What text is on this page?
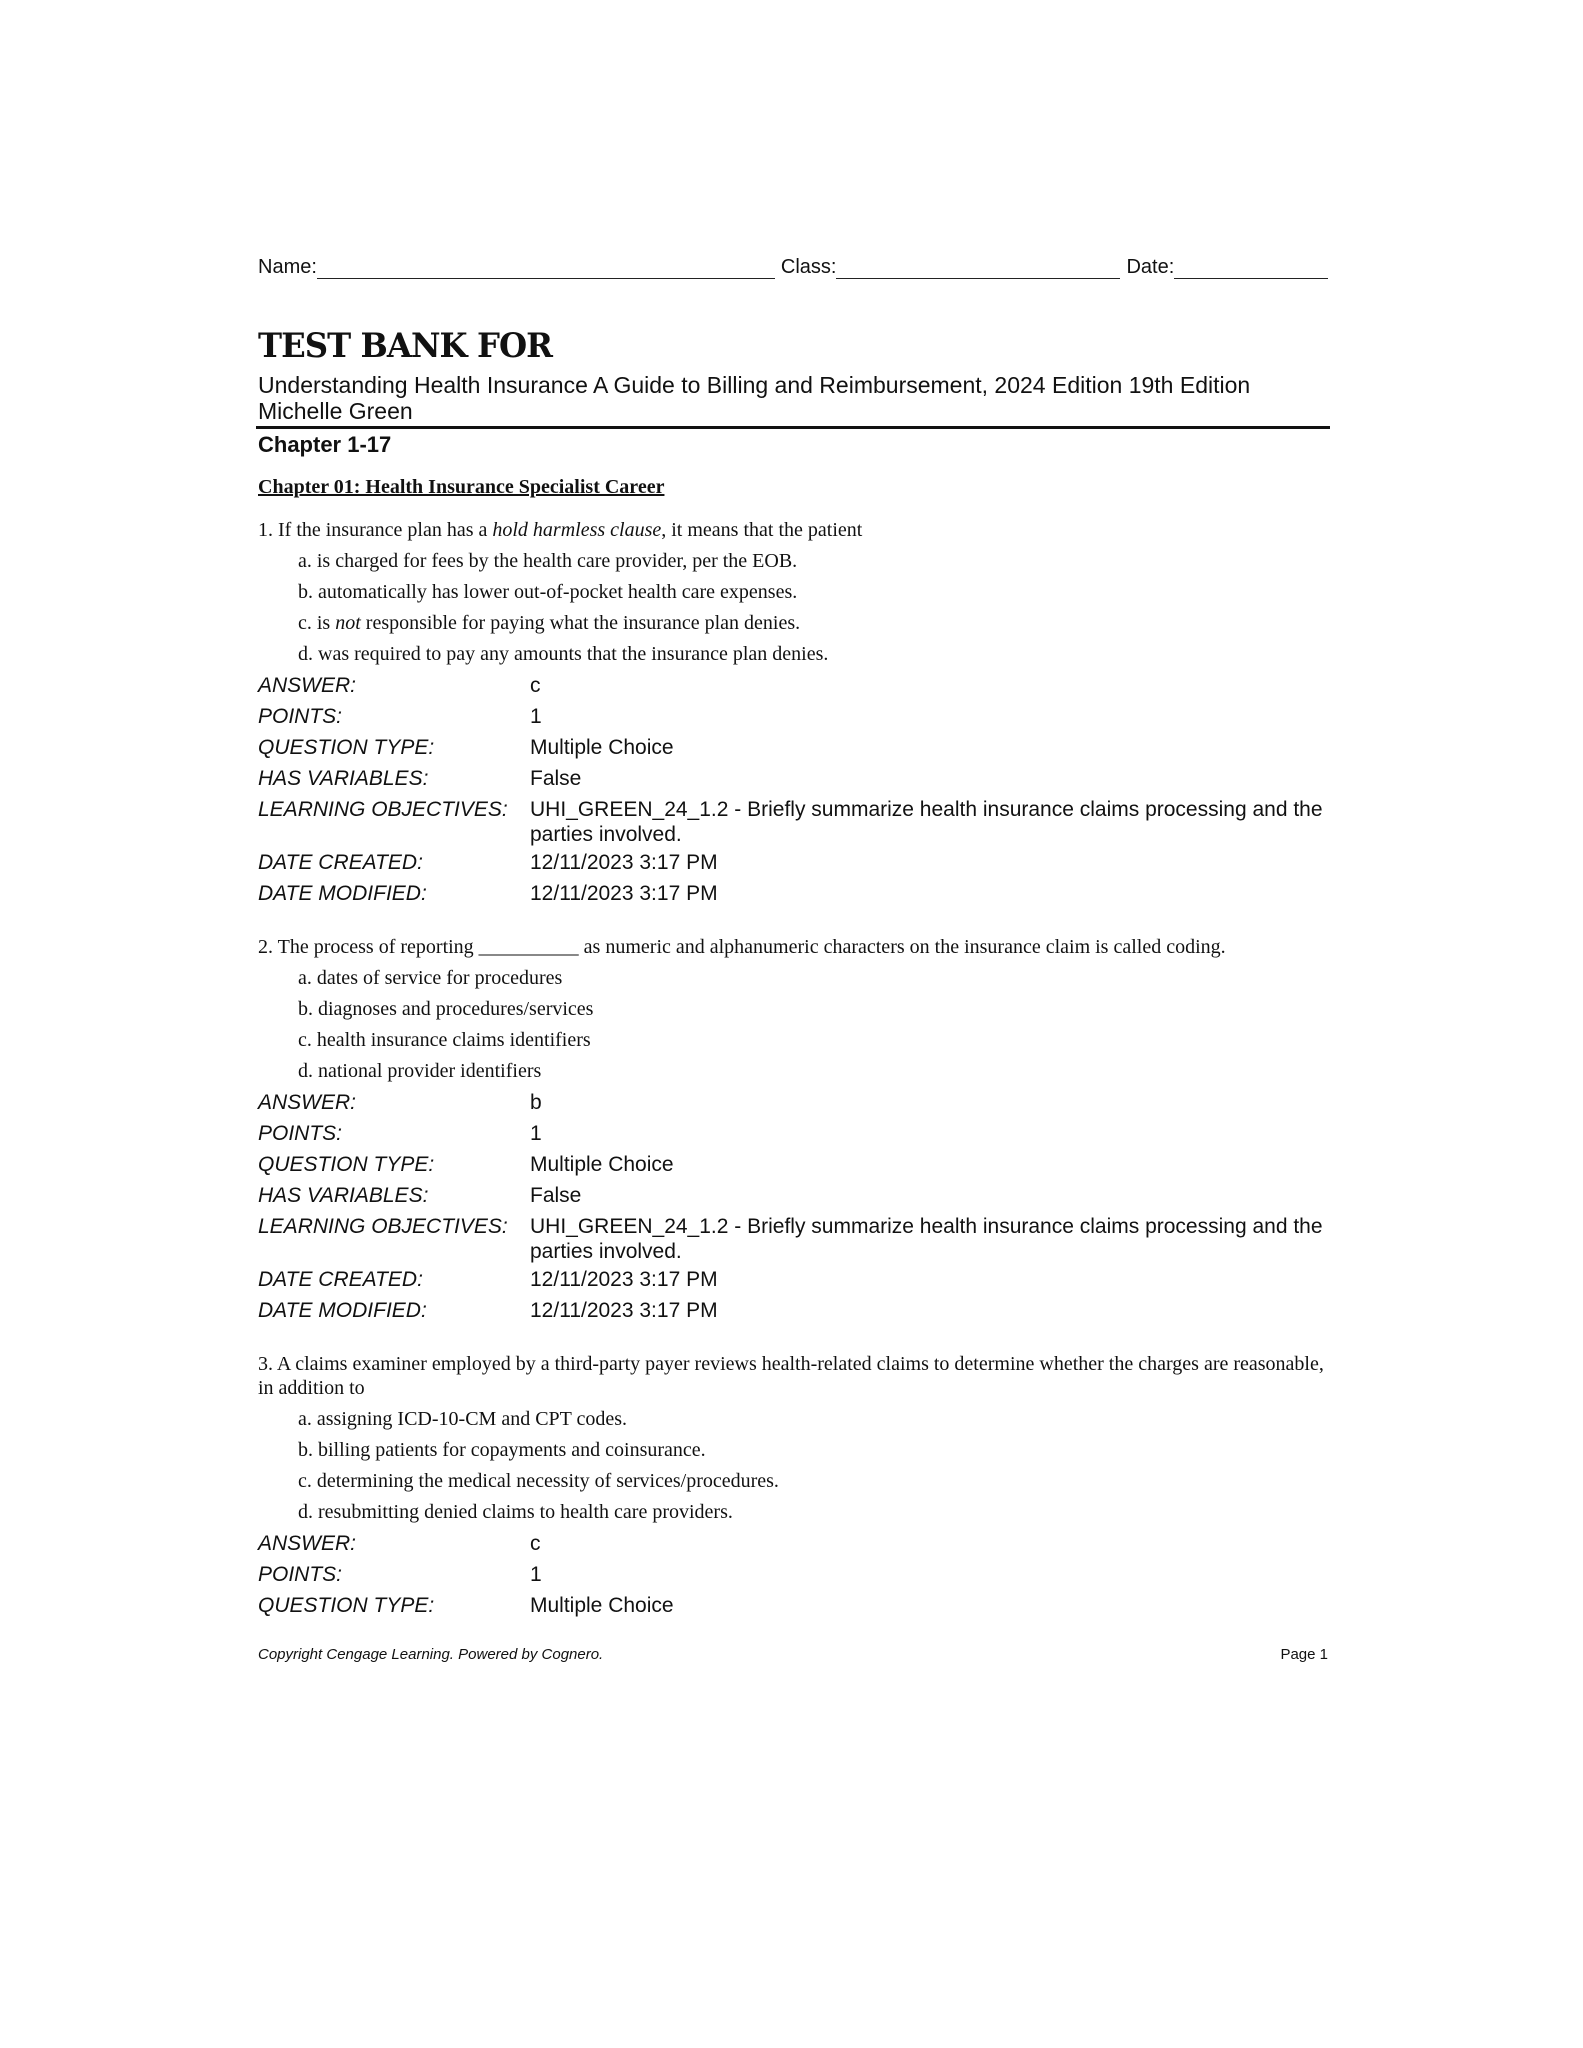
Name:	Class:	Date:
TEST BANK FOR
Understanding Health Insurance A Guide to Billing and Reimbursement, 2024 Edition 19th Edition Michelle Green
Chapter 1-17
Chapter 01: Health Insurance Specialist Career
1. If the insurance plan has a hold harmless clause, it means that the patient
a. is charged for fees by the health care provider, per the EOB.
b. automatically has lower out-of-pocket health care expenses.
c. is not responsible for paying what the insurance plan denies.
d. was required to pay any amounts that the insurance plan denies.
ANSWER:	c
POINTS:	1
QUESTION TYPE:	Multiple Choice
HAS VARIABLES:	False
LEARNING OBJECTIVES:	UHI_GREEN_24_1.2 - Briefly summarize health insurance claims processing and the parties involved.
DATE CREATED:	12/11/2023 3:17 PM
DATE MODIFIED:	12/11/2023 3:17 PM
2. The process of reporting __________ as numeric and alphanumeric characters on the insurance claim is called coding.
a. dates of service for procedures
b. diagnoses and procedures/services
c. health insurance claims identifiers
d. national provider identifiers
ANSWER:	b
POINTS:	1
QUESTION TYPE:	Multiple Choice
HAS VARIABLES:	False
LEARNING OBJECTIVES:	UHI_GREEN_24_1.2 - Briefly summarize health insurance claims processing and the parties involved.
DATE CREATED:	12/11/2023 3:17 PM
DATE MODIFIED:	12/11/2023 3:17 PM
3. A claims examiner employed by a third-party payer reviews health-related claims to determine whether the charges are reasonable, in addition to
a. assigning ICD-10-CM and CPT codes.
b. billing patients for copayments and coinsurance.
c. determining the medical necessity of services/procedures.
d. resubmitting denied claims to health care providers.
ANSWER:	c
POINTS:	1
QUESTION TYPE:	Multiple Choice
Copyright Cengage Learning. Powered by Cognero.	Page 1
